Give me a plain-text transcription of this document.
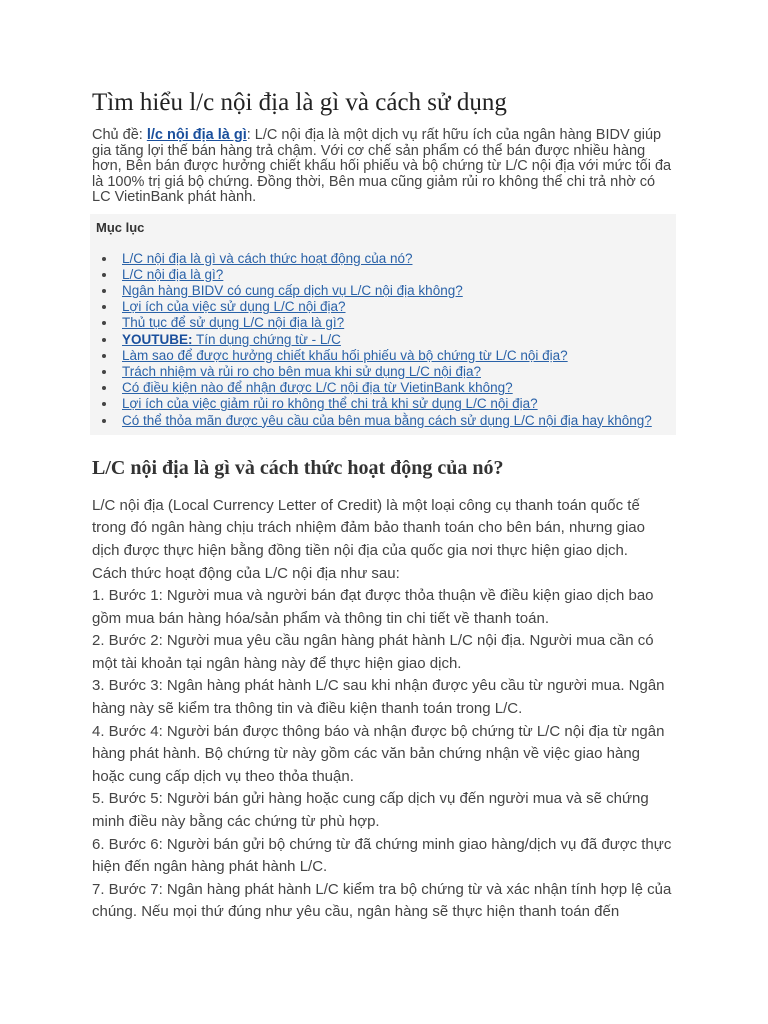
Tìm hiểu l/c nội địa là gì và cách sử dụng

Chủ đề: l/c nội địa là gì: L/C nội địa là một dịch vụ rất hữu ích của ngân hàng BIDV giúp gia tăng lợi thế bán hàng trả chậm. Với cơ chế sản phẩm có thể bán được nhiều hàng hơn, Bên bán được hưởng chiết khấu hối phiếu và bộ chứng từ L/C nội địa với mức tối đa là 100% trị giá bộ chứng. Đồng thời, Bên mua cũng giảm rủi ro không thể chi trả nhờ có LC VietinBank phát hành.

Mục lục
L/C nội địa là gì và cách thức hoạt động của nó?
L/C nội địa là gì?
Ngân hàng BIDV có cung cấp dịch vụ L/C nội địa không?
Lợi ích của việc sử dụng L/C nội địa?
Thủ tục để sử dụng L/C nội địa là gì?
YOUTUBE: Tín dụng chứng từ - L/C
Làm sao để được hưởng chiết khấu hối phiếu và bộ chứng từ L/C nội địa?
Trách nhiệm và rủi ro cho bên mua khi sử dụng L/C nội địa?
Có điều kiện nào để nhận được L/C nội địa từ VietinBank không?
Lợi ích của việc giảm rủi ro không thể chi trả khi sử dụng L/C nội địa?
Có thể thỏa mãn được yêu cầu của bên mua bằng cách sử dụng L/C nội địa hay không?
L/C nội địa là gì và cách thức hoạt động của nó?

L/C nội địa (Local Currency Letter of Credit) là một loại công cụ thanh toán quốc tế trong đó ngân hàng chịu trách nhiệm đảm bảo thanh toán cho bên bán, nhưng giao dịch được thực hiện bằng đồng tiền nội địa của quốc gia nơi thực hiện giao dịch.

Cách thức hoạt động của L/C nội địa như sau:

1. Bước 1: Người mua và người bán đạt được thỏa thuận về điều kiện giao dịch bao gồm mua bán hàng hóa/sản phẩm và thông tin chi tiết về thanh toán.

2. Bước 2: Người mua yêu cầu ngân hàng phát hành L/C nội địa. Người mua cần có một tài khoản tại ngân hàng này để thực hiện giao dịch.

3. Bước 3: Ngân hàng phát hành L/C sau khi nhận được yêu cầu từ người mua. Ngân hàng này sẽ kiểm tra thông tin và điều kiện thanh toán trong L/C.

4. Bước 4: Người bán được thông báo và nhận được bộ chứng từ L/C nội địa từ ngân hàng phát hành. Bộ chứng từ này gồm các văn bản chứng nhận về việc giao hàng hoặc cung cấp dịch vụ theo thỏa thuận.

5. Bước 5: Người bán gửi hàng hoặc cung cấp dịch vụ đến người mua và sẽ chứng minh điều này bằng các chứng từ phù hợp.

6. Bước 6: Người bán gửi bộ chứng từ đã chứng minh giao hàng/dịch vụ đã được thực hiện đến ngân hàng phát hành L/C.

7. Bước 7: Ngân hàng phát hành L/C kiểm tra bộ chứng từ và xác nhận tính hợp lệ của chúng. Nếu mọi thứ đúng như yêu cầu, ngân hàng sẽ thực hiện thanh toán đến
